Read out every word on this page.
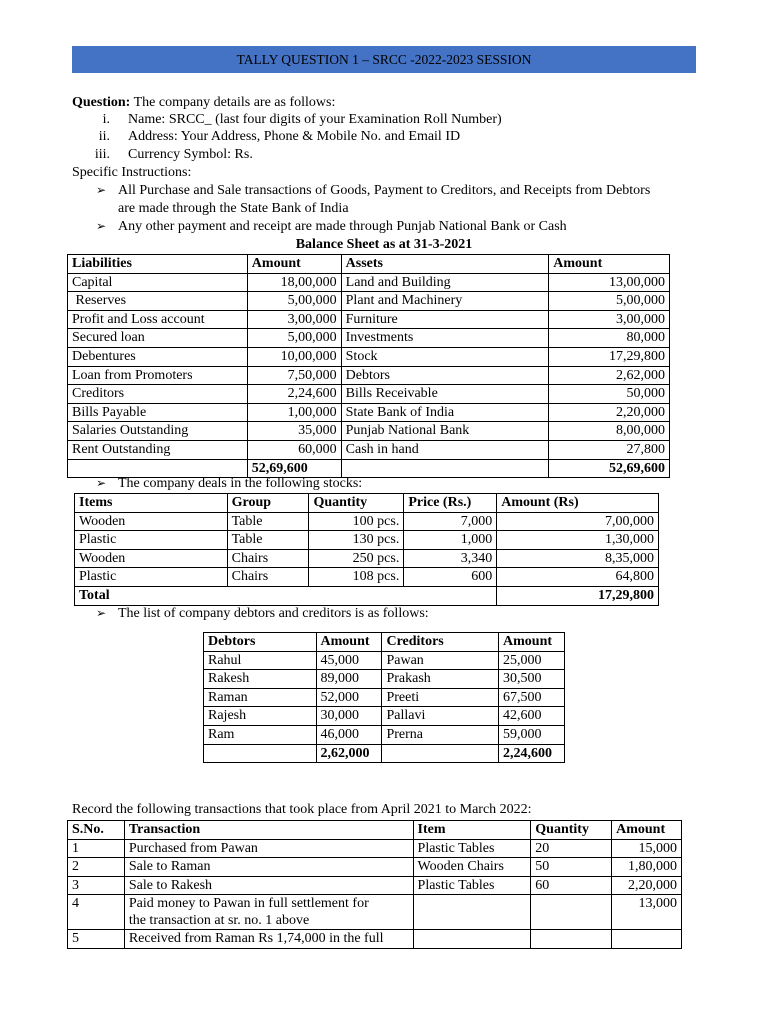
TALLY QUESTION 1 – SRCC -2022-2023 SESSION
Question: The company details are as follows:
i. Name: SRCC_ (last four digits of your Examination Roll Number)
ii. Address: Your Address, Phone & Mobile No. and Email ID
iii. Currency Symbol: Rs.
Specific Instructions:
➢ All Purchase and Sale transactions of Goods, Payment to Creditors, and Receipts from Debtors
are made through the State Bank of India
➢ Any other payment and receipt are made through Punjab National Bank or Cash
Balance Sheet as at 31-3-2021
Liabilities	Amount	Assets	Amount
Capital	18,00,000	Land and Building	13,00,000
Reserves	5,00,000	Plant and Machinery	5,00,000
Profit and Loss account	3,00,000	Furniture	3,00,000
Secured loan	5,00,000	Investments	80,000
Debentures	10,00,000	Stock	17,29,800
Loan from Promoters	7,50,000	Debtors	2,62,000
Creditors	2,24,600	Bills Receivable	50,000
Bills Payable	1,00,000	State Bank of India	2,20,000
Salaries Outstanding	35,000	Punjab National Bank	8,00,000
Rent Outstanding	60,000	Cash in hand	27,800
	52,69,600		52,69,600
➢ The company deals in the following stocks:
Items	Group	Quantity	Price (Rs.)	Amount (Rs)
Wooden	Table	100 pcs.	7,000	7,00,000
Plastic	Table	130 pcs.	1,000	1,30,000
Wooden	Chairs	250 pcs.	3,340	8,35,000
Plastic	Chairs	108 pcs.	600	64,800
Total				17,29,800
➢ The list of company debtors and creditors is as follows:
Debtors	Amount	Creditors	Amount
Rahul	45,000	Pawan	25,000
Rakesh	89,000	Prakash	30,500
Raman	52,000	Preeti	67,500
Rajesh	30,000	Pallavi	42,600
Ram	46,000	Prerna	59,000
	2,62,000		2,24,600
Record the following transactions that took place from April 2021 to March 2022:
S.No.	Transaction	Item	Quantity	Amount
1	Purchased from Pawan	Plastic Tables	20	15,000
2	Sale to Raman	Wooden Chairs	50	1,80,000
3	Sale to Rakesh	Plastic Tables	60	2,20,000
4	Paid money to Pawan in full settlement for
the transaction at sr. no. 1 above			13,000
5	Received from Raman Rs 1,74,000 in the full			
